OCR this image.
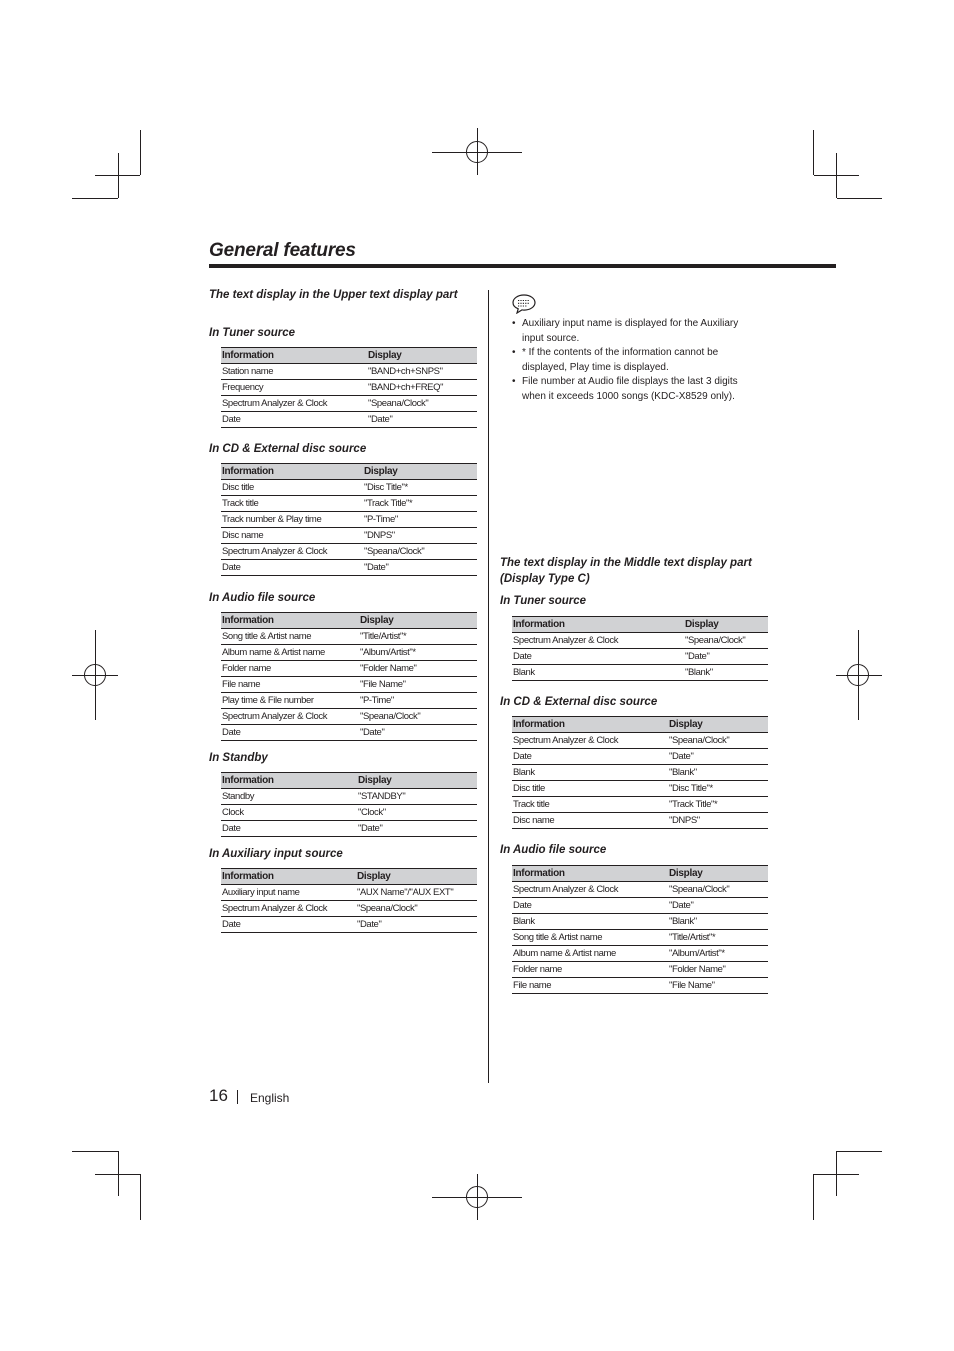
General features
The text display in the Upper text display part
In Tuner source
Information	Display
Station name	"BAND+ch+SNPS"
Frequency	"BAND+ch+FREQ"
Spectrum Analyzer & Clock	"Speana/Clock"
Date	"Date"
In CD & External disc source
Information	Display
Disc title	"Disc Title"*
Track title	"Track Title"*
Track number & Play time	"P-Time"
Disc name	"DNPS"
Spectrum Analyzer & Clock	"Speana/Clock"
Date	"Date"
In Audio file source
Information	Display
Song title & Artist name	"Title/Artist"*
Album name & Artist name	"Album/Artist"*
Folder name	"Folder Name"
File name	"File Name"
Play time & File number	"P-Time"
Spectrum Analyzer & Clock	"Speana/Clock"
Date	"Date"
In Standby
Information	Display
Standby	"STANDBY"
Clock	"Clock"
Date	"Date"
In Auxiliary input source
Information	Display
Auxiliary input name	"AUX Name"/"AUX EXT"
Spectrum Analyzer & Clock	"Speana/Clock"
Date	"Date"
• Auxiliary input name is displayed for the Auxiliary input source.
• * If the contents of the information cannot be displayed, Play time is displayed.
• File number at Audio file displays the last 3 digits when it exceeds 1000 songs (KDC-X8529 only).
The text display in the Middle text display part (Display Type C)
In Tuner source
Information	Display
Spectrum Analyzer & Clock	"Speana/Clock"
Date	"Date"
Blank	"Blank"
In CD & External disc source
Information	Display
Spectrum Analyzer & Clock	"Speana/Clock"
Date	"Date"
Blank	"Blank"
Disc title	"Disc Title"*
Track title	"Track Title"*
Disc name	"DNPS"
In Audio file source
Information	Display
Spectrum Analyzer & Clock	"Speana/Clock"
Date	"Date"
Blank	"Blank"
Song title & Artist name	"Title/Artist"*
Album name & Artist name	"Album/Artist"*
Folder name	"Folder Name"
File name	"File Name"
16 English
